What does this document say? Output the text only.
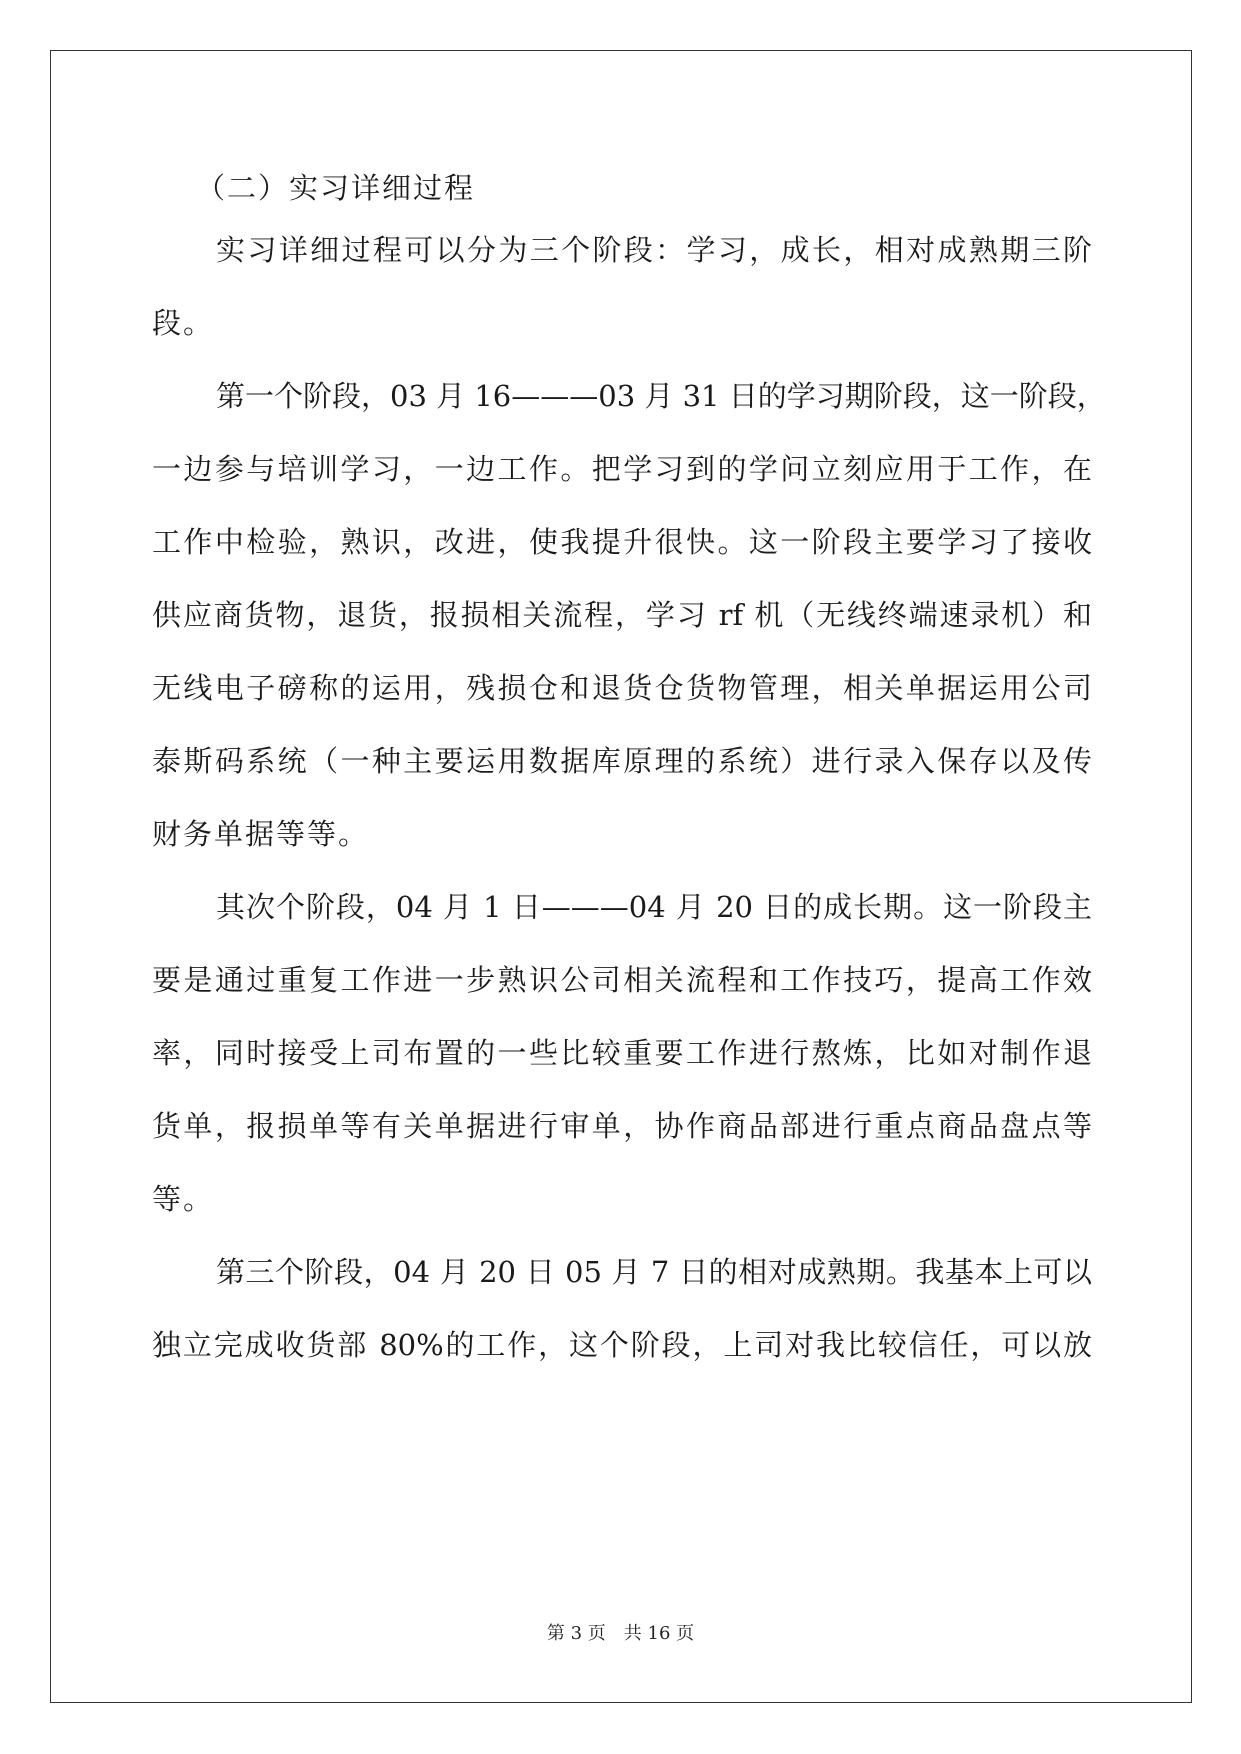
（二）实习详细过程
实习详细过程可以分为三个阶段：学习，成长，相对成熟期三阶
段。
第一个阶段，03 月 16———03 月 31 日的学习期阶段，这一阶段，
一边参与培训学习，一边工作。把学习到的学问立刻应用于工作，在
工作中检验，熟识，改进，使我提升很快。这一阶段主要学习了接收
供应商货物，退货，报损相关流程，学习 rf 机（无线终端速录机）和
无线电子磅称的运用，残损仓和退货仓货物管理，相关单据运用公司
泰斯码系统（一种主要运用数据库原理的系统）进行录入保存以及传
财务单据等等。
其次个阶段，04 月 1 日———04 月 20 日的成长期。这一阶段主
要是通过重复工作进一步熟识公司相关流程和工作技巧，提高工作效
率，同时接受上司布置的一些比较重要工作进行熬炼，比如对制作退
货单，报损单等有关单据进行审单，协作商品部进行重点商品盘点等
等。
第三个阶段，04 月 20 日 05 月 7 日的相对成熟期。我基本上可以
独立完成收货部 80%的工作，这个阶段，上司对我比较信任，可以放
第 3 页　共 16 页
